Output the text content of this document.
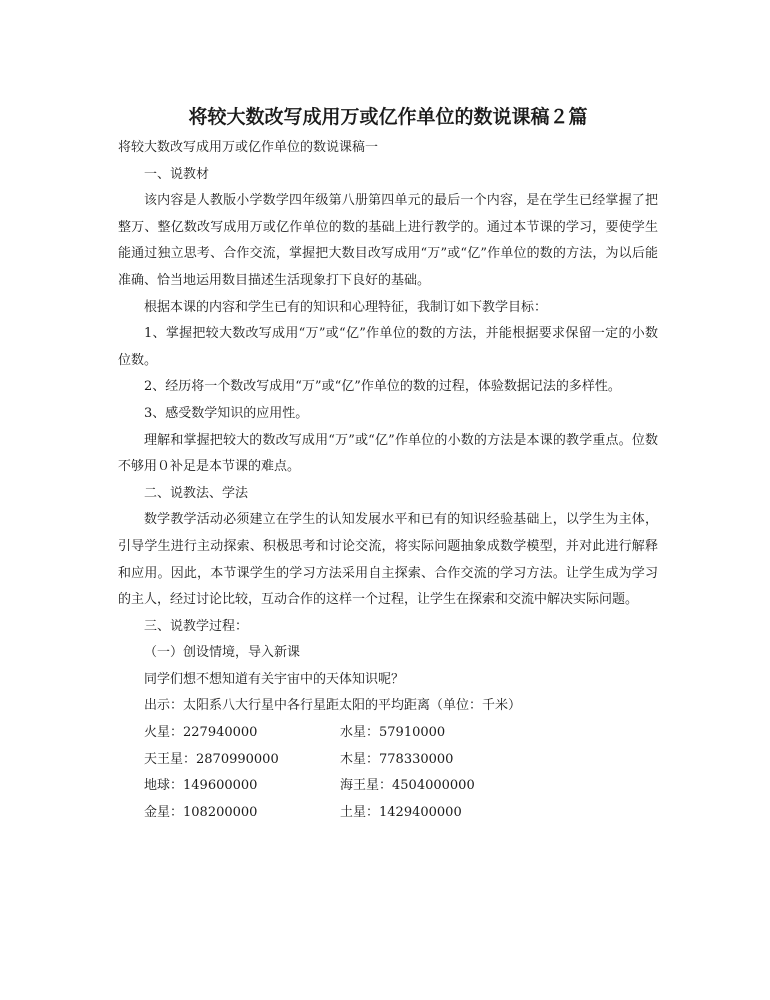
将较大数改写成用万或亿作单位的数说课稿２篇

将较大数改写成用万或亿作单位的数说课稿一

一、说教材

该内容是人教版小学数学四年级第八册第四单元的最后一个内容，是在学生已经掌握了把整万、整亿数改写成用万或亿作单位的数的基础上进行教学的。通过本节课的学习，要使学生能通过独立思考、合作交流，掌握把大数目改写成用“万”或“亿”作单位的数的方法，为以后能准确、恰当地运用数目描述生活现象打下良好的基础。

根据本课的内容和学生已有的知识和心理特征，我制订如下教学目标：

1、掌握把较大数改写成用“万”或“亿”作单位的数的方法，并能根据要求保留一定的小数位数。

2、经历将一个数改写成用“万”或“亿”作单位的数的过程，体验数据记法的多样性。

3、感受数学知识的应用性。

理解和掌握把较大的数改写成用“万”或“亿”作单位的小数的方法是本课的教学重点。位数不够用０补足是本节课的难点。

二、说教法、学法

数学教学活动必须建立在学生的认知发展水平和已有的知识经验基础上，以学生为主体，引导学生进行主动探索、积极思考和讨论交流，将实际问题抽象成数学模型，并对此进行解释和应用。因此，本节课学生的学习方法采用自主探索、合作交流的学习方法。让学生成为学习的主人，经过讨论比较，互动合作的这样一个过程，让学生在探索和交流中解决实际问题。

三、说教学过程：

（一）创设情境，导入新课

同学们想不想知道有关宇宙中的天体知识呢？

出示：太阳系八大行星中各行星距太阳的平均距离（单位：千米）

火星：227940000	水星：57910000
天王星：2870990000	木星：778330000
地球：149600000	海王星：4504000000
金星：108200000	土星：1429400000
